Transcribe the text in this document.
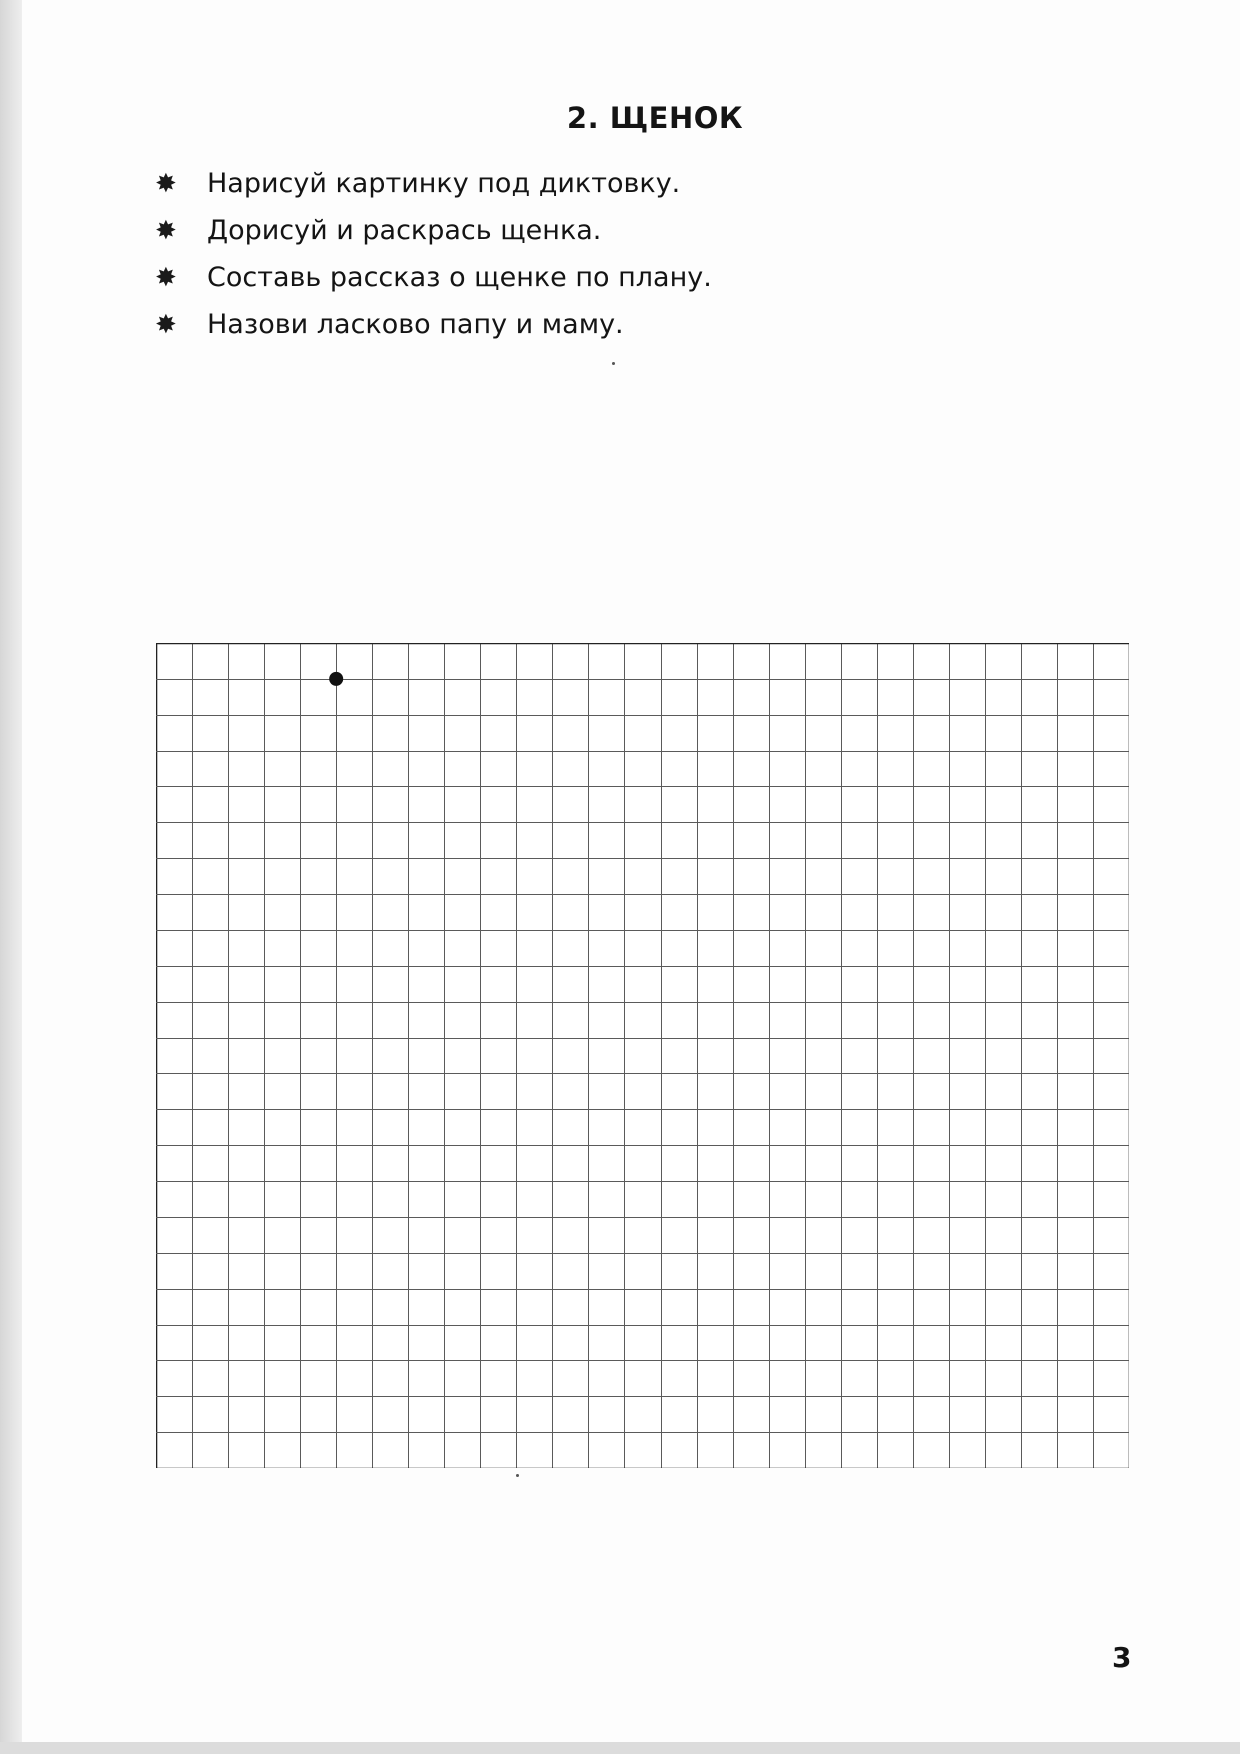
2. ЩЕНОК
✸	Нарисуй картинку под диктовку.
✸	Дорисуй и раскрась щенка.
✸	Составь рассказ о щенке по плану.
✸	Назови ласково папу и маму.
3
